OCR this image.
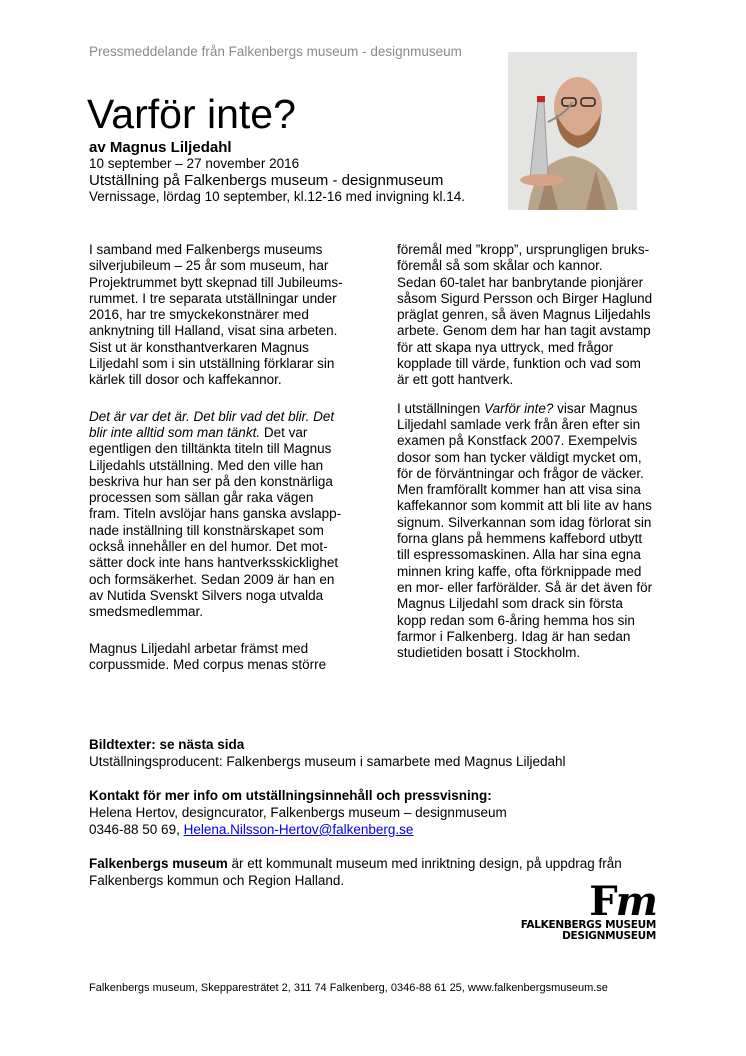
Pressmeddelande från Falkenbergs museum - designmuseum
Varför inte?
av Magnus Liljedahl
10 september – 27 november 2016
Utställning på Falkenbergs museum - designmuseum
Vernissage, lördag 10 september, kl.12-16 med invigning kl.14.
I samband med Falkenbergs museums
silverjubileum – 25 år som museum, har
Projektrummet bytt skepnad till Jubileums-
rummet. I tre separata utställningar under
2016, har tre smyckekonstnärer med
anknytning till Halland, visat sina arbeten.
Sist ut är konsthantverkaren Magnus
Liljedahl som i sin utställning förklarar sin
kärlek till dosor och kaffekannor.
Det är var det är. Det blir vad det blir. Det
blir inte alltid som man tänkt. Det var
egentligen den tilltänkta titeln till Magnus
Liljedahls utställning. Med den ville han
beskriva hur han ser på den konstnärliga
processen som sällan går raka vägen
fram. Titeln avslöjar hans ganska avslapp-
nade inställning till konstnärskapet som
också innehåller en del humor. Det mot-
sätter dock inte hans hantverksskicklighet
och formsäkerhet. Sedan 2009 är han en
av Nutida Svenskt Silvers noga utvalda
smedsmedlemmar.
Magnus Liljedahl arbetar främst med
corpussmide. Med corpus menas större
föremål med ”kropp”, ursprungligen bruks-
föremål så som skålar och kannor.
Sedan 60-talet har banbrytande pionjärer
såsom Sigurd Persson och Birger Haglund
präglat genren, så även Magnus Liljedahls
arbete. Genom dem har han tagit avstamp
för att skapa nya uttryck, med frågor
kopplade till värde, funktion och vad som
är ett gott hantverk.
I utställningen Varför inte? visar Magnus
Liljedahl samlade verk från åren efter sin
examen på Konstfack 2007. Exempelvis
dosor som han tycker väldigt mycket om,
för de förväntningar och frågor de väcker.
Men framförallt kommer han att visa sina
kaffekannor som kommit att bli lite av hans
signum. Silverkannan som idag förlorat sin
forna glans på hemmens kaffebord utbytt
till espressomaskinen. Alla har sina egna
minnen kring kaffe, ofta förknippade med
en mor- eller farförälder. Så är det även för
Magnus Liljedahl som drack sin första
kopp redan som 6-åring hemma hos sin
farmor i Falkenberg. Idag är han sedan
studietiden bosatt i Stockholm.
Bildtexter: se nästa sida
Utställningsproducent: Falkenbergs museum i samarbete med Magnus Liljedahl
Kontakt för mer info om utställningsinnehåll och pressvisning:
Helena Hertov, designcurator, Falkenbergs museum – designmuseum
0346-88 50 69, Helena.Nilsson-Hertov@falkenberg.se
Falkenbergs museum är ett kommunalt museum med inriktning design, på uppdrag från
Falkenbergs kommun och Region Halland.	Fm
FALKENBERGS MUSEUM
DESIGNMUSEUM
Falkenbergs museum, Skepparesträtet 2, 311 74 Falkenberg, 0346-88 61 25, www.falkenbergsmuseum.se
